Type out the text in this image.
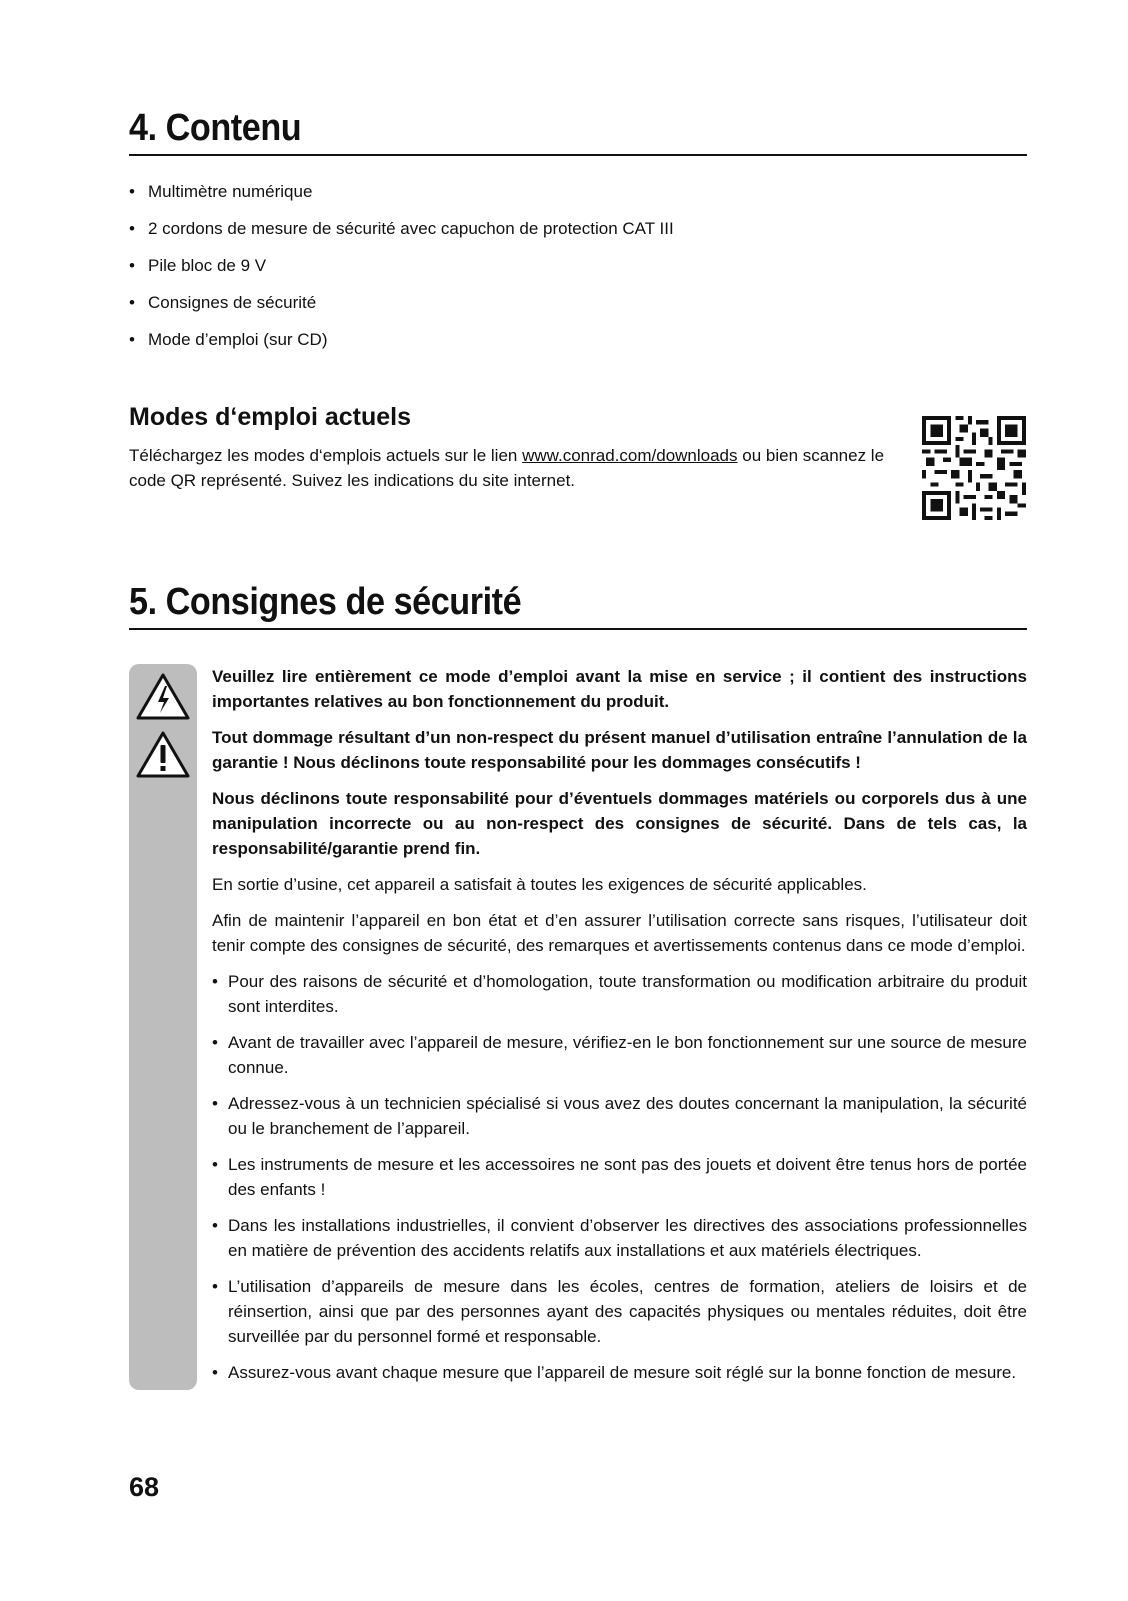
4. Contenu
• Multimètre numérique
• 2 cordons de mesure de sécurité avec capuchon de protection CAT III
• Pile bloc de 9 V
• Consignes de sécurité
• Mode d’emploi (sur CD)
Modes d‘emploi actuels
Téléchargez les modes d‘emplois actuels sur le lien www.conrad.com/downloads ou bien scannez le code QR représenté. Suivez les indications du site internet.
5. Consignes de sécurité

Veuillez lire entièrement ce mode d’emploi avant la mise en service ; il contient des instructions importantes relatives au bon fonctionnement du produit.

Tout dommage résultant d’un non-respect du présent manuel d’utilisation entraîne l’annulation de la garantie ! Nous déclinons toute responsabilité pour les dommages consécutifs !

Nous déclinons toute responsabilité pour d’éventuels dommages matériels ou corporels dus à une manipulation incorrecte ou au non-respect des consignes de sécurité. Dans de tels cas, la responsabilité/garantie prend fin.

En sortie d’usine, cet appareil a satisfait à toutes les exigences de sécurité applicables.

Afin de maintenir l’appareil en bon état et d’en assurer l’utilisation correcte sans risques, l’utilisateur doit tenir compte des consignes de sécurité, des remarques et avertissements contenus dans ce mode d’emploi.

• Pour des raisons de sécurité et d’homologation, toute transformation ou modification arbitraire du produit sont interdites.
• Avant de travailler avec l’appareil de mesure, vérifiez-en le bon fonctionnement sur une source de mesure connue.
• Adressez-vous à un technicien spécialisé si vous avez des doutes concernant la manipulation, la sécurité ou le branchement de l’appareil.
• Les instruments de mesure et les accessoires ne sont pas des jouets et doivent être tenus hors de portée des enfants !
• Dans les installations industrielles, il convient d’observer les directives des associations professionnelles en matière de prévention des accidents relatifs aux installations et aux matériels électriques.
• L’utilisation d’appareils de mesure dans les écoles, centres de formation, ateliers de loisirs et de réinsertion, ainsi que par des personnes ayant des capacités physiques ou mentales réduites, doit être surveillée par du personnel formé et responsable.
• Assurez-vous avant chaque mesure que l’appareil de mesure soit réglé sur la bonne fonction de mesure.
68
